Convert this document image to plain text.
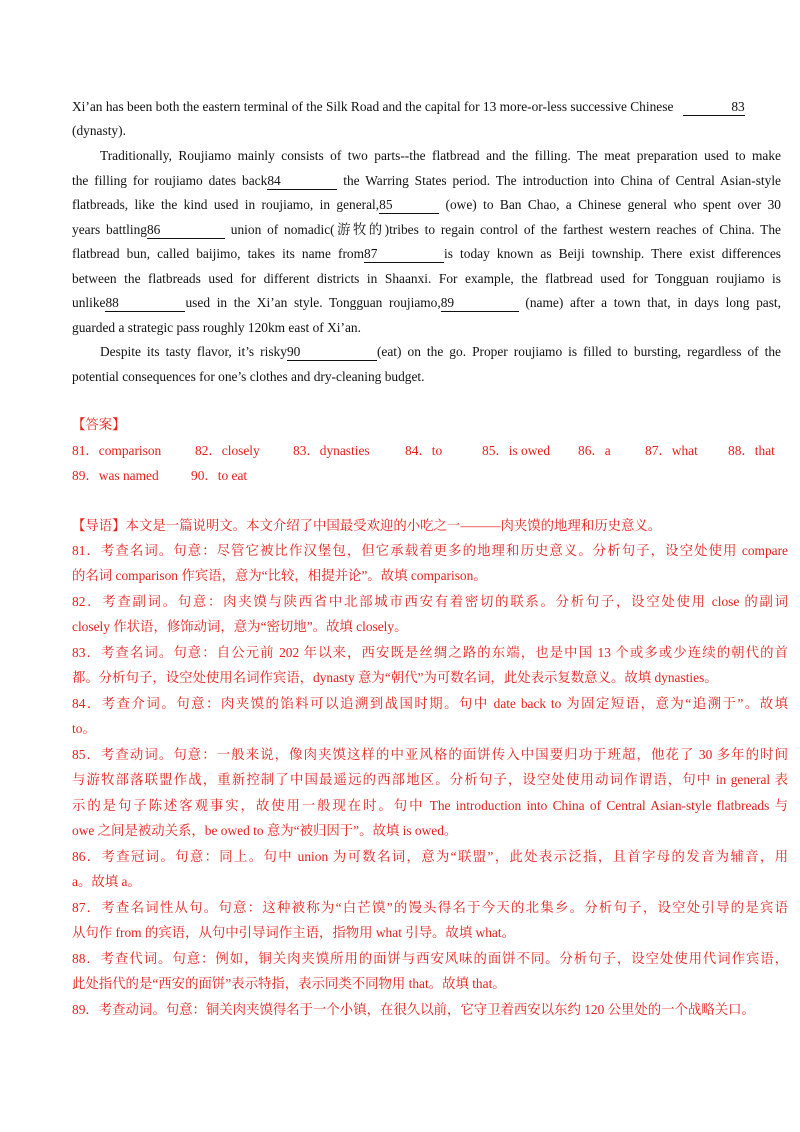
Xi’an has been both the eastern terminal of the Silk Road and the capital for 13 more-or-less successive Chinese	83
(dynasty).
Traditionally, Roujiamo mainly consists of two parts--the flatbread and the filling. The meat preparation used to make
the filling for roujiamo dates back84	the Warring States period. The introduction into China of Central Asian-style
flatbreads, like the kind used in roujiamo, in general,85	(owe) to Ban Chao, a Chinese general who spent over 30
years battling86	union of nomadic(游牧的)tribes to regain control of the farthest western reaches of China. The
flatbread bun, called baijimo, takes its name from87	is today known as Beiji township. There exist differences
between the flatbreads used for different districts in Shaanxi. For example, the flatbread used for Tongguan roujiamo is
unlike88	used in the Xi’an style. Tongguan roujiamo,89	(name) after a town that, in days long past,
guarded a strategic pass roughly 120km east of Xi’an.
Despite its tasty flavor, it’s risky90	(eat) on the go. Proper roujiamo is filled to bursting, regardless of the
potential consequences for one’s clothes and dry-cleaning budget.
【答案】
81．comparison	82．closely 83．dynasties	84．to	85．is owed 86．a	87．what 88．that
89．was named 90．to eat
【导语】本文是一篇说明文。本文介绍了中国最受欢迎的小吃之一———肉夹馍的地理和历史意义。
81．考查名词。句意：尽管它被比作汉堡包，但它承载着更多的地理和历史意义。分析句子，设空处使用 compare
的名词 comparison 作宾语，意为“比较，相提并论”。故填 comparison。
82．考查副词。句意：肉夹馍与陕西省中北部城市西安有着密切的联系。分析句子，设空处使用 close 的副词
closely 作状语，修饰动词，意为“密切地”。故填 closely。
83．考查名词。句意：自公元前 202 年以来，西安既是丝绸之路的东端，也是中国 13 个或多或少连续的朝代的首
都。分析句子，设空处使用名词作宾语，dynasty 意为“朝代”为可数名词，此处表示复数意义。故填 dynasties。
84．考查介词。句意：肉夹馍的馅料可以追溯到战国时期。句中 date back to 为固定短语，意为“追溯于”。故填
to。
85．考查动词。句意：一般来说，像肉夹馍这样的中亚风格的面饼传入中国要归功于班超，他花了 30 多年的时间
与游牧部落联盟作战，重新控制了中国最遥远的西部地区。分析句子，设空处使用动词作谓语，句中 in general 表
示的是句子陈述客观事实，故使用一般现在时。句中 The introduction into China of Central Asian-style flatbreads 与
owe 之间是被动关系，be owed to 意为“被归因于”。故填 is owed。
86．考查冠词。句意：同上。句中 union 为可数名词，意为“联盟”，此处表示泛指，且首字母的发音为辅音，用
a。故填 a。
87．考查名词性从句。句意：这种被称为“白芒馍”的馒头得名于今天的北集乡。分析句子，设空处引导的是宾语
从句作 from 的宾语，从句中引导词作主语，指物用 what 引导。故填 what。
88．考查代词。句意：例如，铜关肉夹馍所用的面饼与西安风味的面饼不同。分析句子，设空处使用代词作宾语，
此处指代的是“西安的面饼”表示特指，表示同类不同物用 that。故填 that。
89．考查动词。句意：铜关肉夹馍得名于一个小镇，在很久以前，它守卫着西安以东约 120 公里处的一个战略关口。
